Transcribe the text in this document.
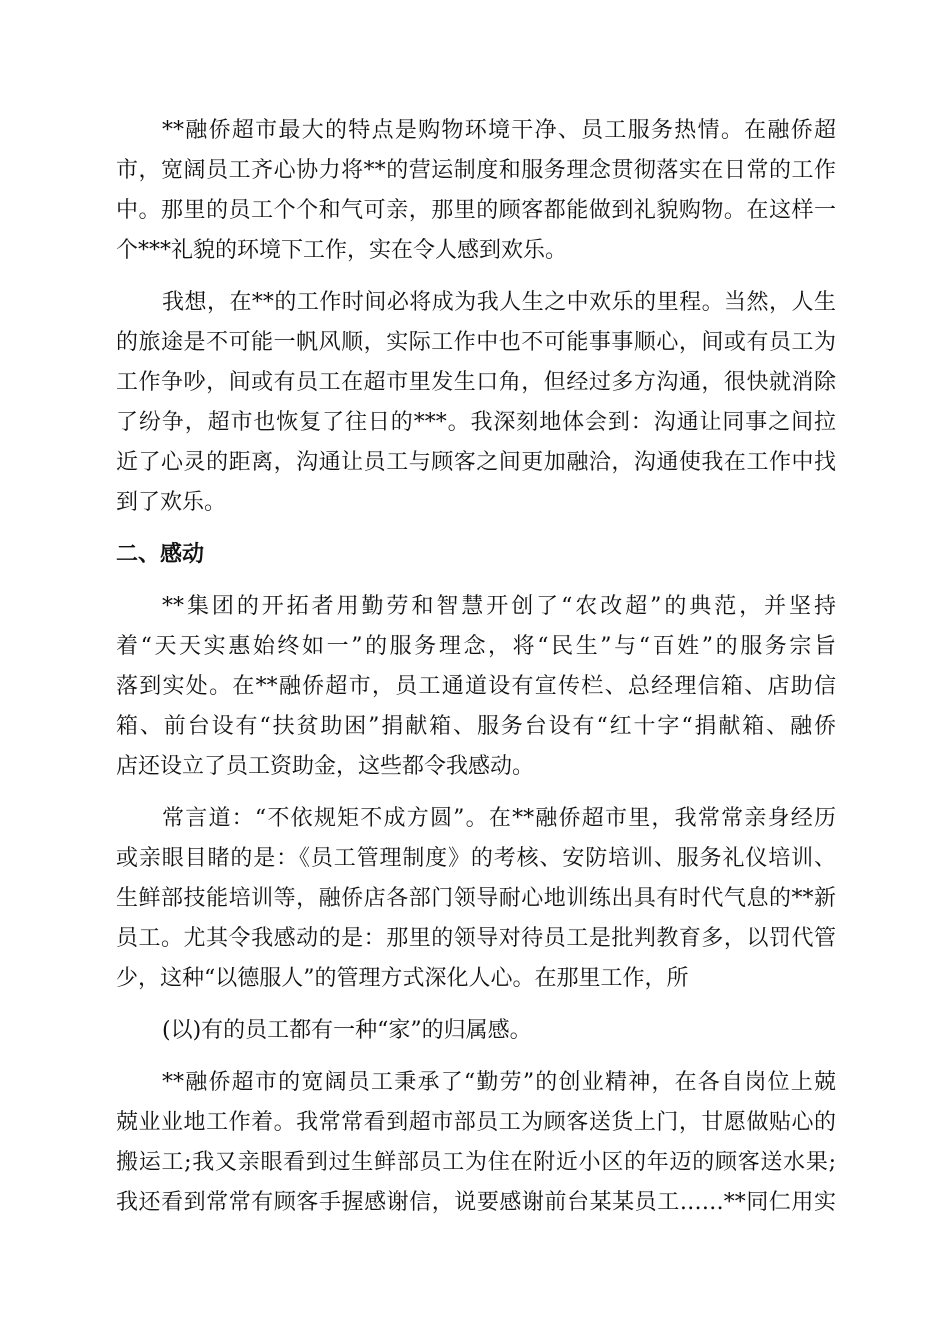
**融侨超市最大的特点是购物环境干净、员工服务热情。在融侨超
市，宽阔员工齐心协力将**的营运制度和服务理念贯彻落实在日常的工作
中。那里的员工个个和气可亲，那里的顾客都能做到礼貌购物。在这样一
个***礼貌的环境下工作，实在令人感到欢乐。
我想，在**的工作时间必将成为我人生之中欢乐的里程。当然，人生
的旅途是不可能一帆风顺，实际工作中也不可能事事顺心，间或有员工为
工作争吵，间或有员工在超市里发生口角，但经过多方沟通，很快就消除
了纷争，超市也恢复了往日的***。我深刻地体会到：沟通让同事之间拉
近了心灵的距离，沟通让员工与顾客之间更加融洽，沟通使我在工作中找
到了欢乐。
二、感动
**集团的开拓者用勤劳和智慧开创了“农改超”的典范，并坚持
着“天天实惠始终如一”的服务理念，将“民生”与“百姓”的服务宗旨
落到实处。在**融侨超市，员工通道设有宣传栏、总经理信箱、店助信
箱、前台设有“扶贫助困”捐献箱、服务台设有“红十字“捐献箱、融侨
店还设立了员工资助金，这些都令我感动。
常言道：“不依规矩不成方圆”。在**融侨超市里，我常常亲身经历
或亲眼目睹的是：《员工管理制度》的考核、安防培训、服务礼仪培训、
生鲜部技能培训等，融侨店各部门领导耐心地训练出具有时代气息的**新
员工。尤其令我感动的是：那里的领导对待员工是批判教育多，以罚代管
少，这种“以德服人”的管理方式深化人心。在那里工作，所
(以)有的员工都有一种“家”的归属感。
**融侨超市的宽阔员工秉承了“勤劳”的创业精神，在各自岗位上兢
兢业业地工作着。我常常看到超市部员工为顾客送货上门，甘愿做贴心的
搬运工;我又亲眼看到过生鲜部员工为住在附近小区的年迈的顾客送水果;
我还看到常常有顾客手握感谢信，说要感谢前台某某员工……**同仁用实
